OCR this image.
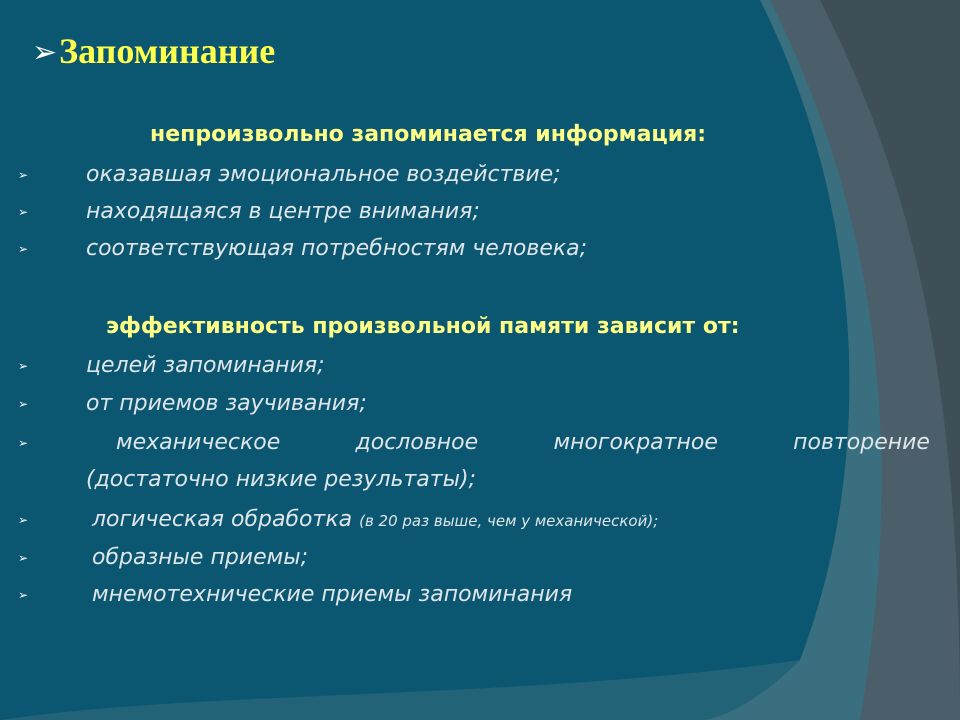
➢ Запоминание
непроизвольно запоминается информация:
➢	оказавшая эмоциональное воздействие;
➢	находящаяся в центре внимания;
➢	соответствующая потребностям человека;
эффективность произвольной памяти зависит от:
➢	целей запоминания;
➢	от приемов заучивания;
➢	механическое	дословное	многократное	повторение
(достаточно низкие результаты);
➢	логическая обработка (в 20 раз выше, чем у механической);
➢	образные приемы;
➢	мнемотехнические приемы запоминания
